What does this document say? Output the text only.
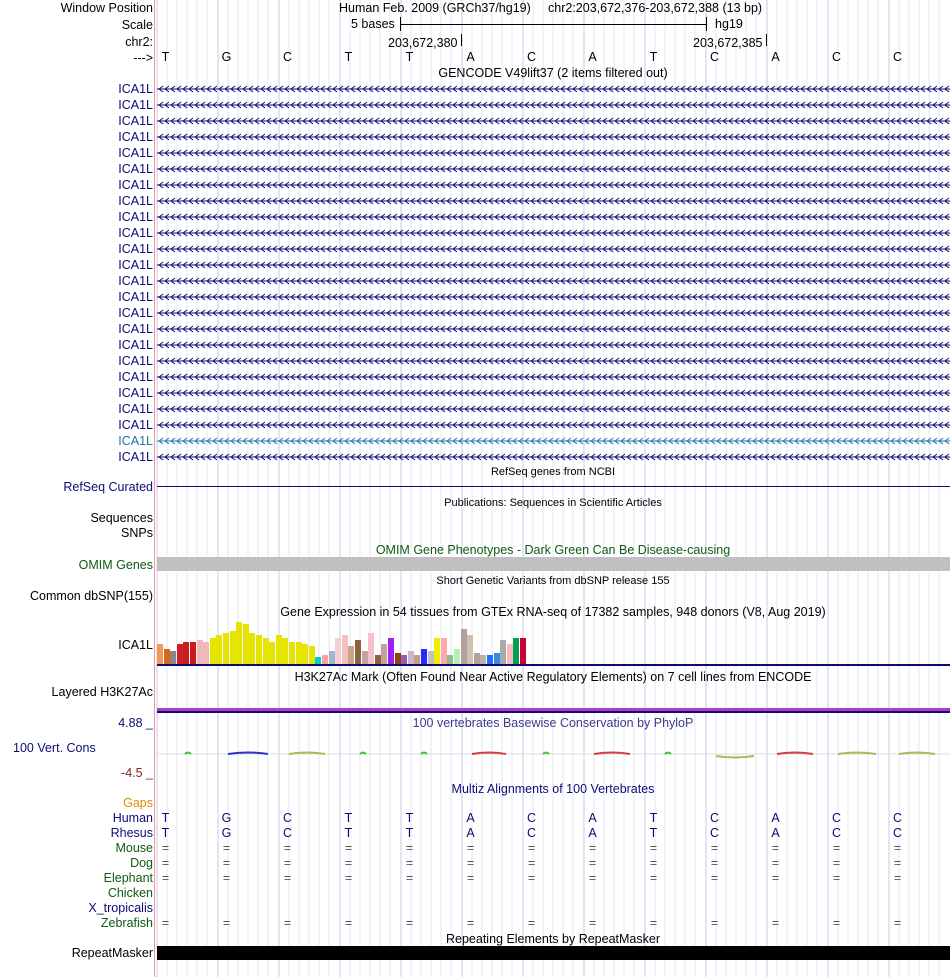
Window Position	Human Feb. 2009 (GRCh37/hg19) chr2:203,672,376-203,672,388 (13 bp)
Scale	5 bases	hg19
chr2:	203,672,380	203,672,385
---> T	G	C	T	T	A	C	A	T	C	A	C	C
GENCODE V49lift37 (2 items filtered out)
ICA1L
ICA1L
ICA1L
ICA1L
ICA1L
ICA1L
ICA1L
ICA1L
ICA1L
ICA1L
ICA1L
ICA1L
ICA1L
ICA1L
ICA1L
ICA1L
ICA1L
ICA1L
ICA1L
ICA1L
ICA1L
ICA1L
ICA1L
ICA1L
RefSeq genes from NCBI
RefSeq Curated
Publications: Sequences in Scientific Articles
Sequences
SNPs
OMIM Gene Phenotypes - Dark Green Can Be Disease-causing
OMIM Genes
Short Genetic Variants from dbSNP release 155
Common dbSNP(155)
Gene Expression in 54 tissues from GTEx RNA-seq of 17382 samples, 948 donors (V8, Aug 2019)
ICA1L
H3K27Ac Mark (Often Found Near Active Regulatory Elements) on 7 cell lines from ENCODE
Layered H3K27Ac
4.88 _	100 vertebrates Basewise Conservation by PhyloP
100 Vert. Cons
-4.5 _
Multiz Alignments of 100 Vertebrates
Gaps
Human T	G	C	T	T	A	C	A	T	C	A	C	C
Rhesus T	G	C	T	T	A	C	A	T	C	A	C	C
Mouse =	=	=	=	=	=	=	=	=	=	=	=	=
Dog =	=	=	=	=	=	=	=	=	=	=	=	=
Elephant =	=	=	=	=	=	=	=	=	=	=	=	=
Chicken
X_tropicalis
Zebrafish =	=	=	=	=	=	=	=	=	=	=	=	=
Repeating Elements by RepeatMasker
RepeatMasker
